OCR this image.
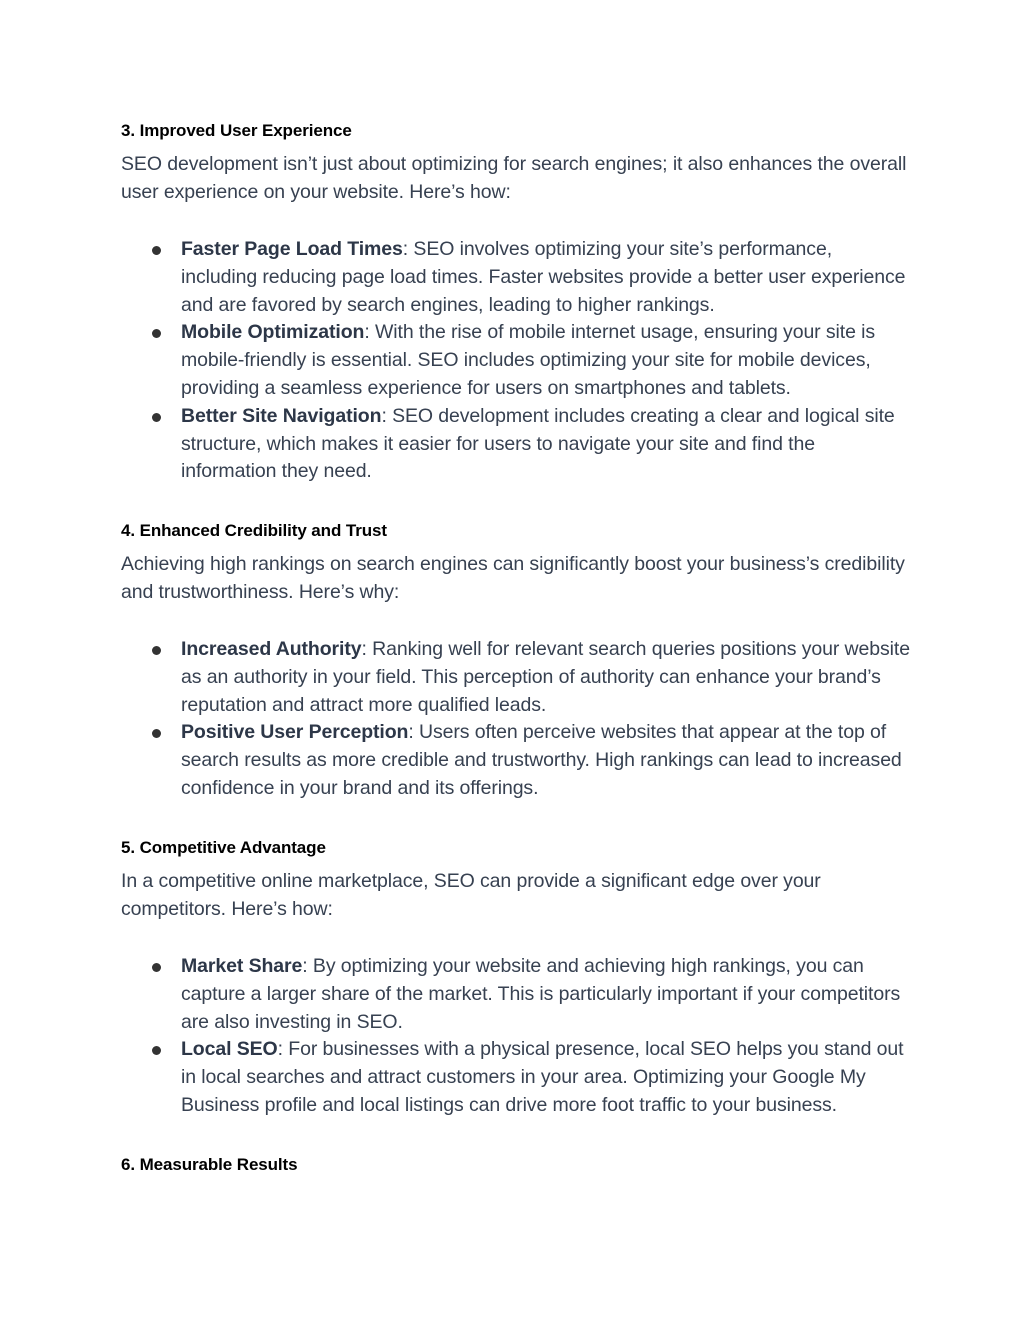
3. Improved User Experience

SEO development isn’t just about optimizing for search engines; it also enhances the overall user experience on your website. Here’s how:

Faster Page Load Times: SEO involves optimizing your site’s performance, including reducing page load times. Faster websites provide a better user experience and are favored by search engines, leading to higher rankings.
Mobile Optimization: With the rise of mobile internet usage, ensuring your site is mobile-friendly is essential. SEO includes optimizing your site for mobile devices, providing a seamless experience for users on smartphones and tablets.
Better Site Navigation: SEO development includes creating a clear and logical site structure, which makes it easier for users to navigate your site and find the information they need.
4. Enhanced Credibility and Trust

Achieving high rankings on search engines can significantly boost your business’s credibility and trustworthiness. Here’s why:

Increased Authority: Ranking well for relevant search queries positions your website as an authority in your field. This perception of authority can enhance your brand’s reputation and attract more qualified leads.
Positive User Perception: Users often perceive websites that appear at the top of search results as more credible and trustworthy. High rankings can lead to increased confidence in your brand and its offerings.
5. Competitive Advantage

In a competitive online marketplace, SEO can provide a significant edge over your competitors. Here’s how:

Market Share: By optimizing your website and achieving high rankings, you can capture a larger share of the market. This is particularly important if your competitors are also investing in SEO.
Local SEO: For businesses with a physical presence, local SEO helps you stand out in local searches and attract customers in your area. Optimizing your Google My Business profile and local listings can drive more foot traffic to your business.
6. Measurable Results
